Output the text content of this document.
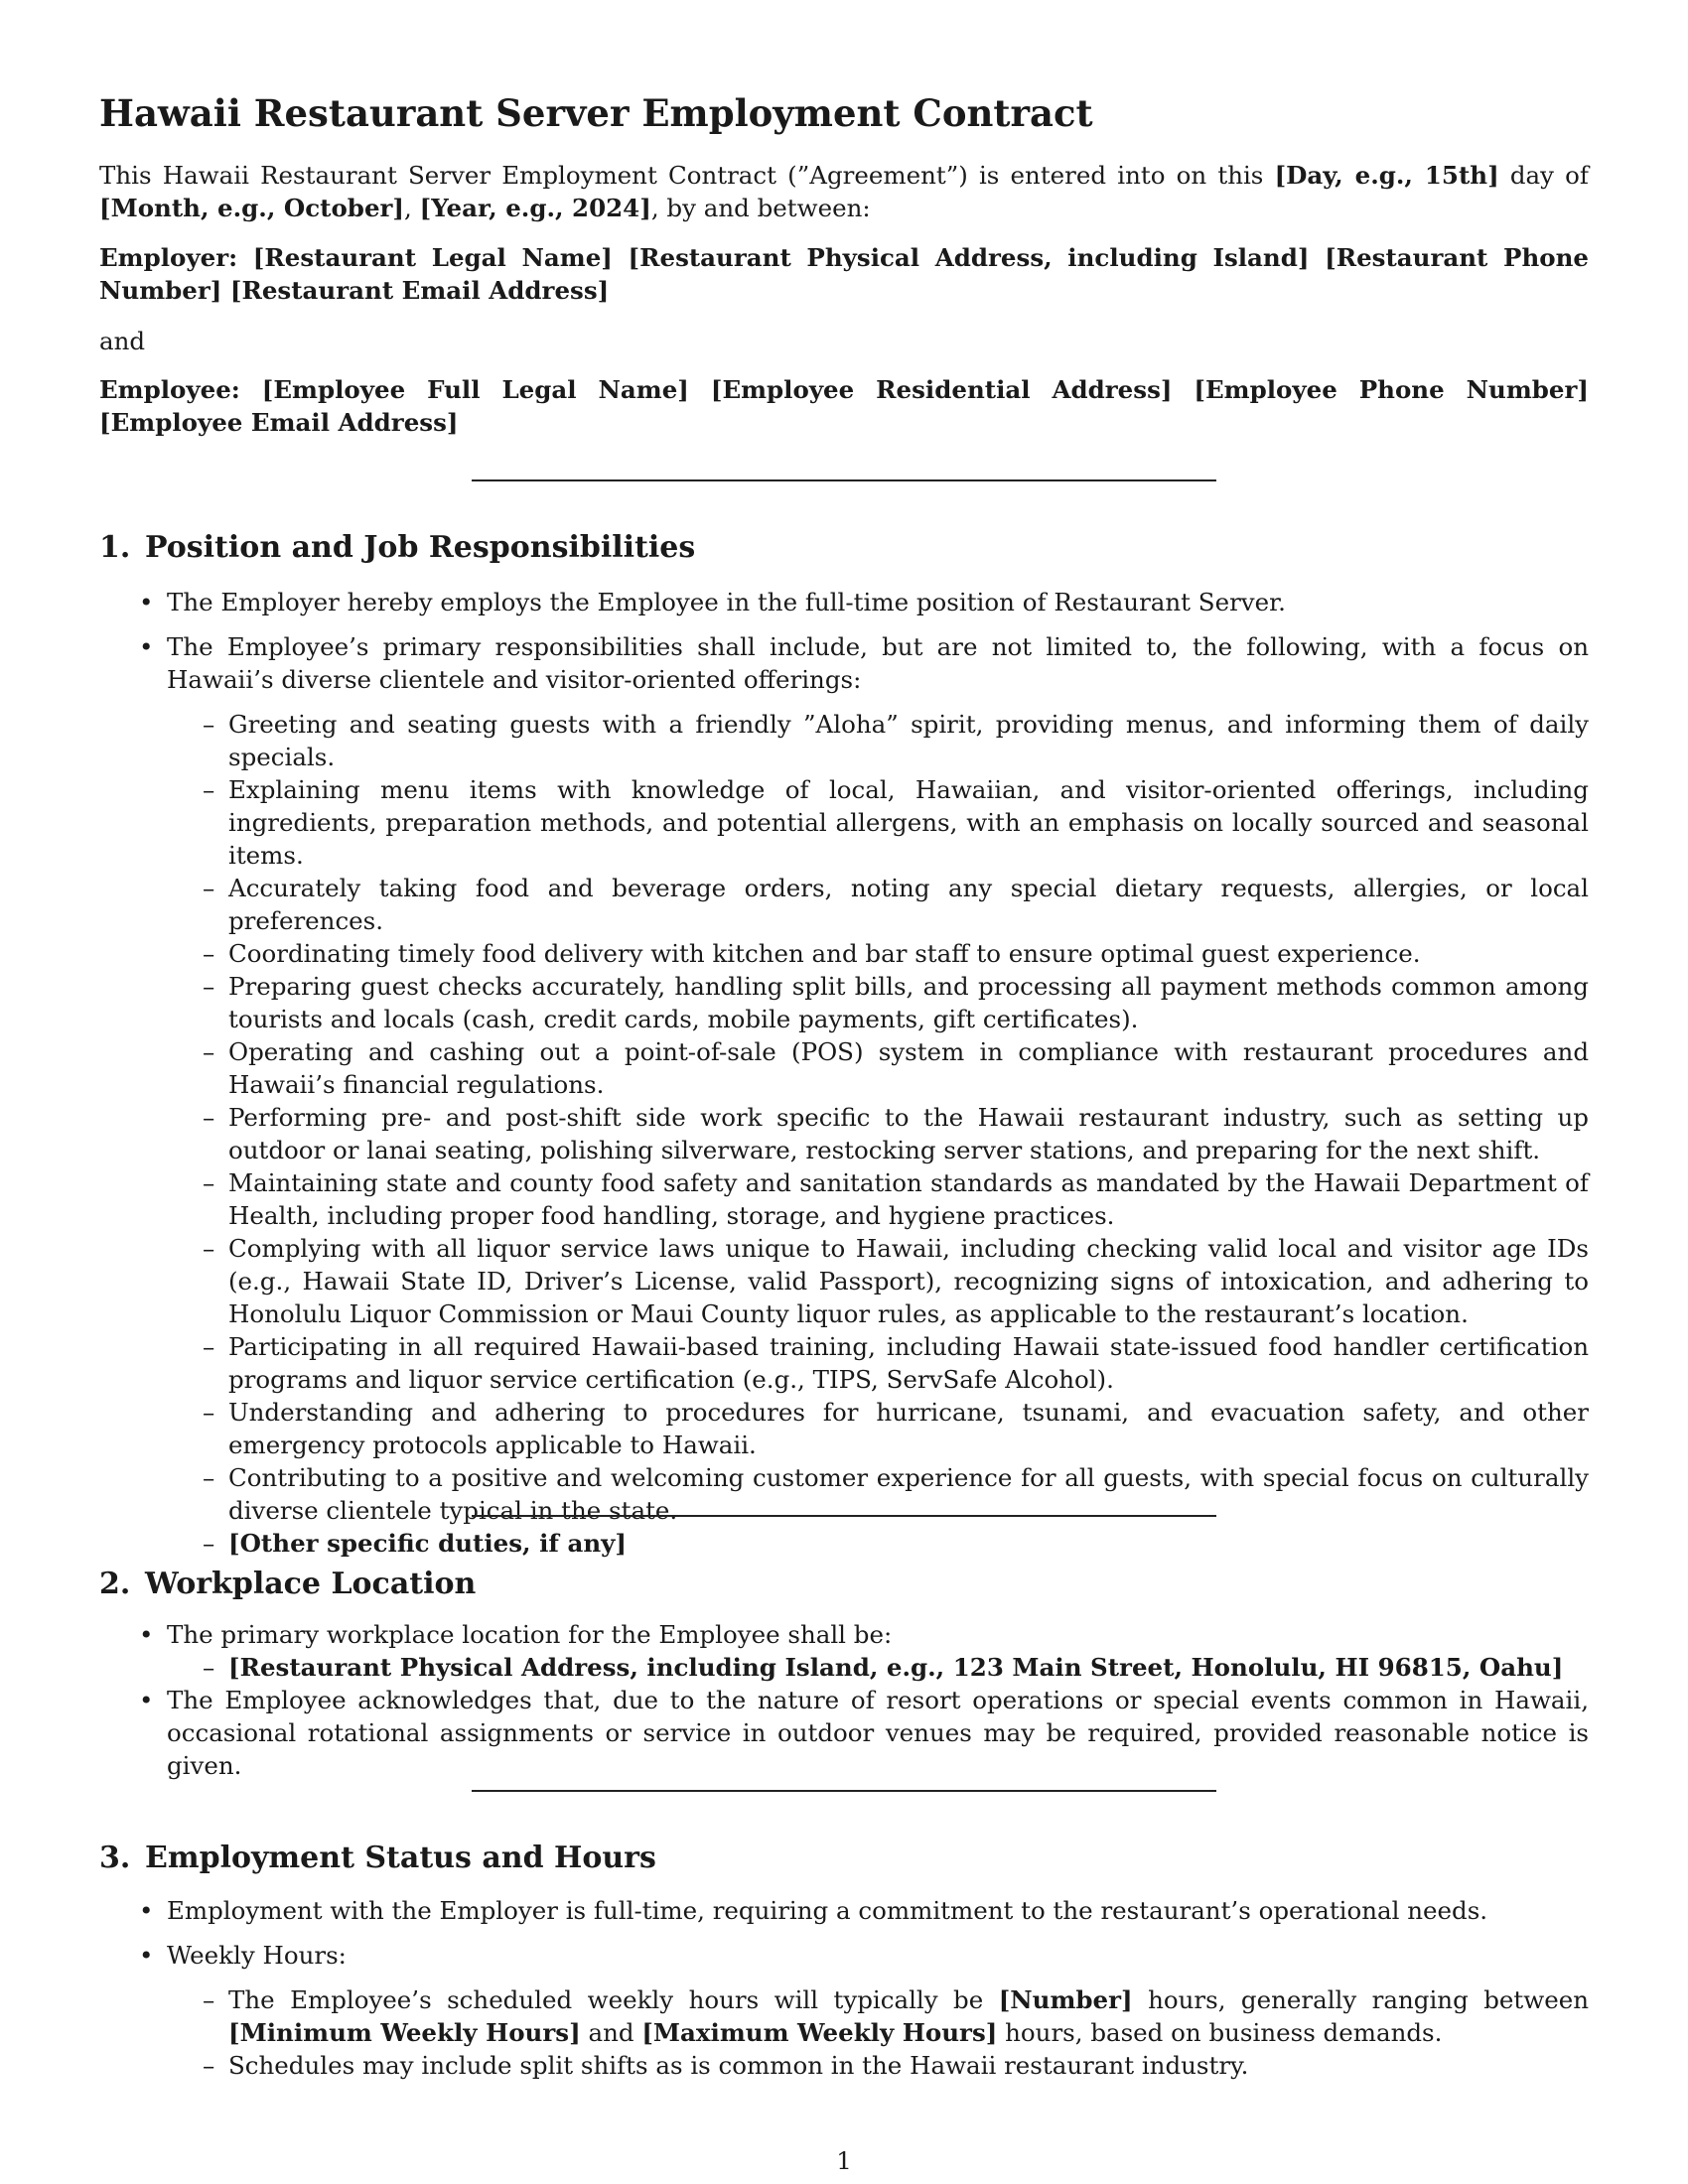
Hawaii Restaurant Server Employment Contract

This Hawaii Restaurant Server Employment Contract (”Agreement”) is entered into on this [Day, e.g., 15th] day of [Month, e.g., October], [Year, e.g., 2024], by and between:

Employer: [Restaurant Legal Name] [Restaurant Physical Address, including Island] [Restaurant Phone Number] [Restaurant Email Address]

and

Employee: [Employee Full Legal Name] [Employee Residential Address] [Employee Phone Number] [Employee Email Address]

1. Position and Job Responsibilities
• The Employer hereby employs the Employee in the full-time position of Restaurant Server.
• The Employee’s primary responsibilities shall include, but are not limited to, the following, with a focus on Hawaii’s diverse clientele and visitor-oriented offerings:
– Greeting and seating guests with a friendly ”Aloha” spirit, providing menus, and informing them of daily specials.
– Explaining menu items with knowledge of local, Hawaiian, and visitor-oriented offerings, including ingredients, preparation methods, and potential allergens, with an emphasis on locally sourced and seasonal items.
– Accurately taking food and beverage orders, noting any special dietary requests, allergies, or local preferences.
– Coordinating timely food delivery with kitchen and bar staff to ensure optimal guest experience.
– Preparing guest checks accurately, handling split bills, and processing all payment methods common among tourists and locals (cash, credit cards, mobile payments, gift certificates).
– Operating and cashing out a point-of-sale (POS) system in compliance with restaurant procedures and Hawaii’s financial regulations.
– Performing pre- and post-shift side work specific to the Hawaii restaurant industry, such as setting up outdoor or lanai seating, polishing silverware, restocking server stations, and preparing for the next shift.
– Maintaining state and county food safety and sanitation standards as mandated by the Hawaii Department of Health, including proper food handling, storage, and hygiene practices.
– Complying with all liquor service laws unique to Hawaii, including checking valid local and visitor age IDs (e.g., Hawaii State ID, Driver’s License, valid Passport), recognizing signs of intoxication, and adhering to Honolulu Liquor Commission or Maui County liquor rules, as applicable to the restaurant’s location.
– Participating in all required Hawaii-based training, including Hawaii state-issued food handler certification programs and liquor service certification (e.g., TIPS, ServSafe Alcohol).
– Understanding and adhering to procedures for hurricane, tsunami, and evacuation safety, and other emergency protocols applicable to Hawaii.
– Contributing to a positive and welcoming customer experience for all guests, with special focus on culturally diverse clientele typical in the state.
– [Other specific duties, if any]
2. Workplace Location
• The primary workplace location for the Employee shall be:
– [Restaurant Physical Address, including Island, e.g., 123 Main Street, Honolulu, HI 96815, Oahu]
• The Employee acknowledges that, due to the nature of resort operations or special events common in Hawaii, occasional rotational assignments or service in outdoor venues may be required, provided reasonable notice is given.
3. Employment Status and Hours
• Employment with the Employer is full-time, requiring a commitment to the restaurant’s operational needs.
• Weekly Hours:
– The Employee’s scheduled weekly hours will typically be [Number] hours, generally ranging between [Minimum Weekly Hours] and [Maximum Weekly Hours] hours, based on business demands.
– Schedules may include split shifts as is common in the Hawaii restaurant industry.
1
